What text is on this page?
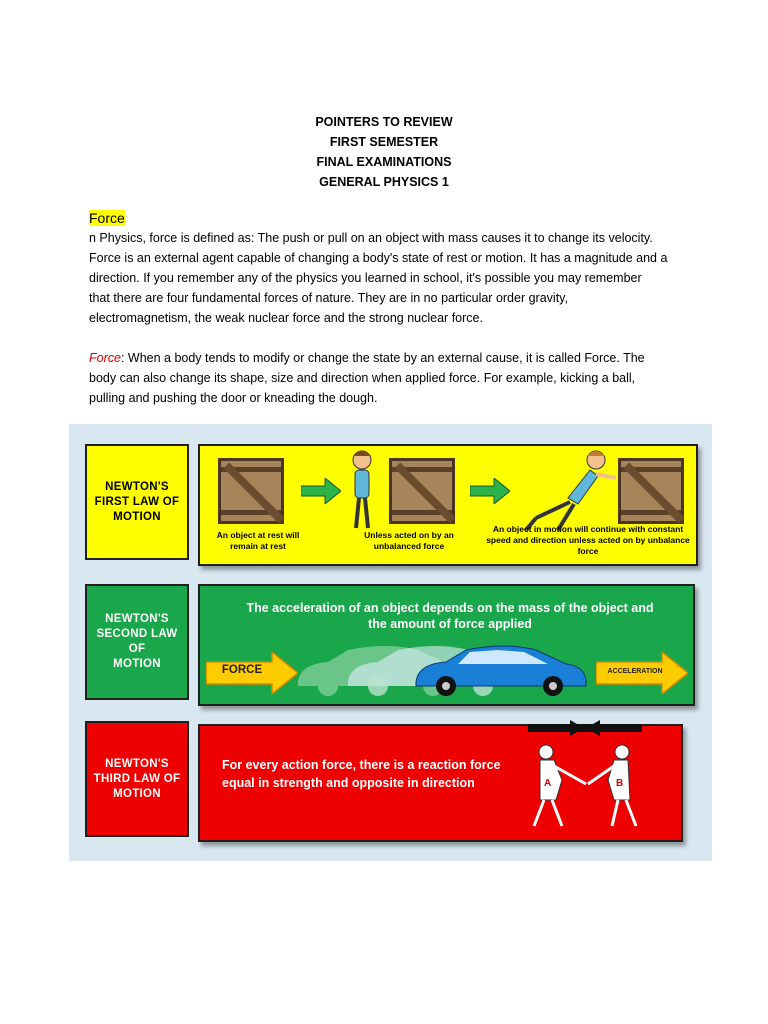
POINTERS TO REVIEW
FIRST SEMESTER
FINAL EXAMINATIONS
GENERAL PHYSICS 1
Force
n Physics, force is defined as: The push or pull on an object with mass causes it to change its velocity.
Force is an external agent capable of changing a body's state of rest or motion. It has a magnitude and a
direction. If you remember any of the physics you learned in school, it's possible you may remember
that there are four fundamental forces of nature. They are in no particular order gravity,
electromagnetism, the weak nuclear force and the strong nuclear force.
Force: When a body tends to modify or change the state by an external cause, it is called Force. The
body can also change its shape, size and direction when applied force. For example, kicking a ball,
pulling and pushing the door or kneading the dough.
NEWTON'S
FIRST LAW OF
MOTION
An object at rest will remain at rest
Unless acted on by an unbalanced force
An object in motion will continue with constant speed and direction unless acted on by unbalance force
NEWTON'S
SECOND LAW
OF
MOTION
The acceleration of an object depends on the mass of the object and the amount of force applied
FORCE	ACCELERATION
NEWTON'S
THIRD LAW OF
MOTION
For every action force, there is a reaction force equal in strength and opposite in direction	A	B
